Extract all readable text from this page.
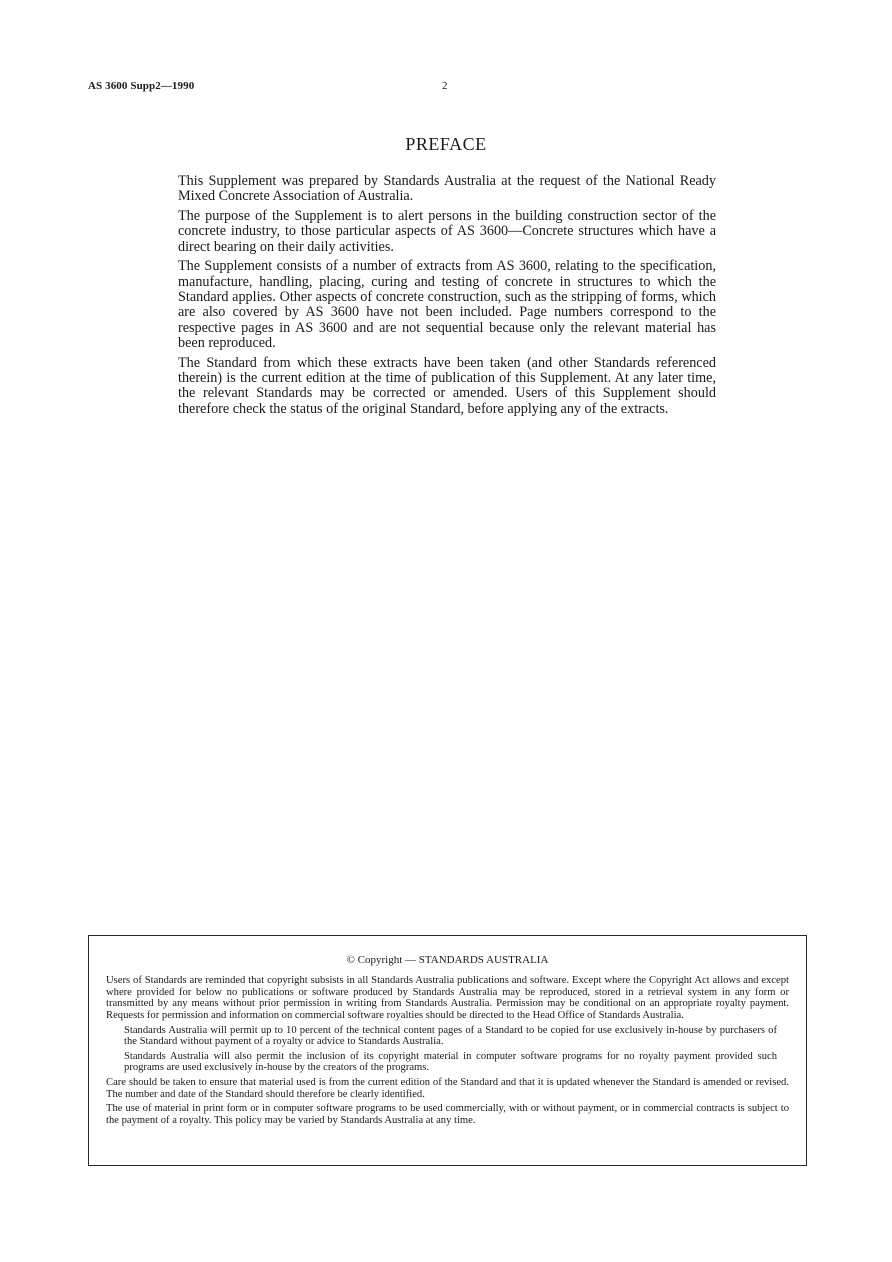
AS 3600 Supp2—1990	2
PREFACE

This Supplement was prepared by Standards Australia at the request of the National Ready Mixed Concrete Association of Australia.

The purpose of the Supplement is to alert persons in the building construction sector of the concrete industry, to those particular aspects of AS 3600—Concrete structures which have a direct bearing on their daily activities.

The Supplement consists of a number of extracts from AS 3600, relating to the specification, manufacture, handling, placing, curing and testing of concrete in structures to which the Standard applies. Other aspects of concrete construction, such as the stripping of forms, which are also covered by AS 3600 have not been included. Page numbers correspond to the respective pages in AS 3600 and are not sequential because only the relevant material has been reproduced.

The Standard from which these extracts have been taken (and other Standards referenced therein) is the current edition at the time of publication of this Supplement. At any later time, the relevant Standards may be corrected or amended. Users of this Supplement should therefore check the status of the original Standard, before applying any of the extracts.

© Copyright — STANDARDS AUSTRALIA

Users of Standards are reminded that copyright subsists in all Standards Australia publications and software. Except where the Copyright Act allows and except where provided for below no publications or software produced by Standards Australia may be reproduced, stored in a retrieval system in any form or transmitted by any means without prior permission in writing from Standards Australia. Permission may be conditional on an appropriate royalty payment. Requests for permission and information on commercial software royalties should be directed to the Head Office of Standards Australia.

Standards Australia will permit up to 10 percent of the technical content pages of a Standard to be copied for use exclusively in-house by purchasers of the Standard without payment of a royalty or advice to Standards Australia.

Standards Australia will also permit the inclusion of its copyright material in computer software programs for no royalty payment provided such programs are used exclusively in-house by the creators of the programs.

Care should be taken to ensure that material used is from the current edition of the Standard and that it is updated whenever the Standard is amended or revised. The number and date of the Standard should therefore be clearly identified.

The use of material in print form or in computer software programs to be used commercially, with or without payment, or in commercial contracts is subject to the payment of a royalty. This policy may be varied by Standards Australia at any time.
